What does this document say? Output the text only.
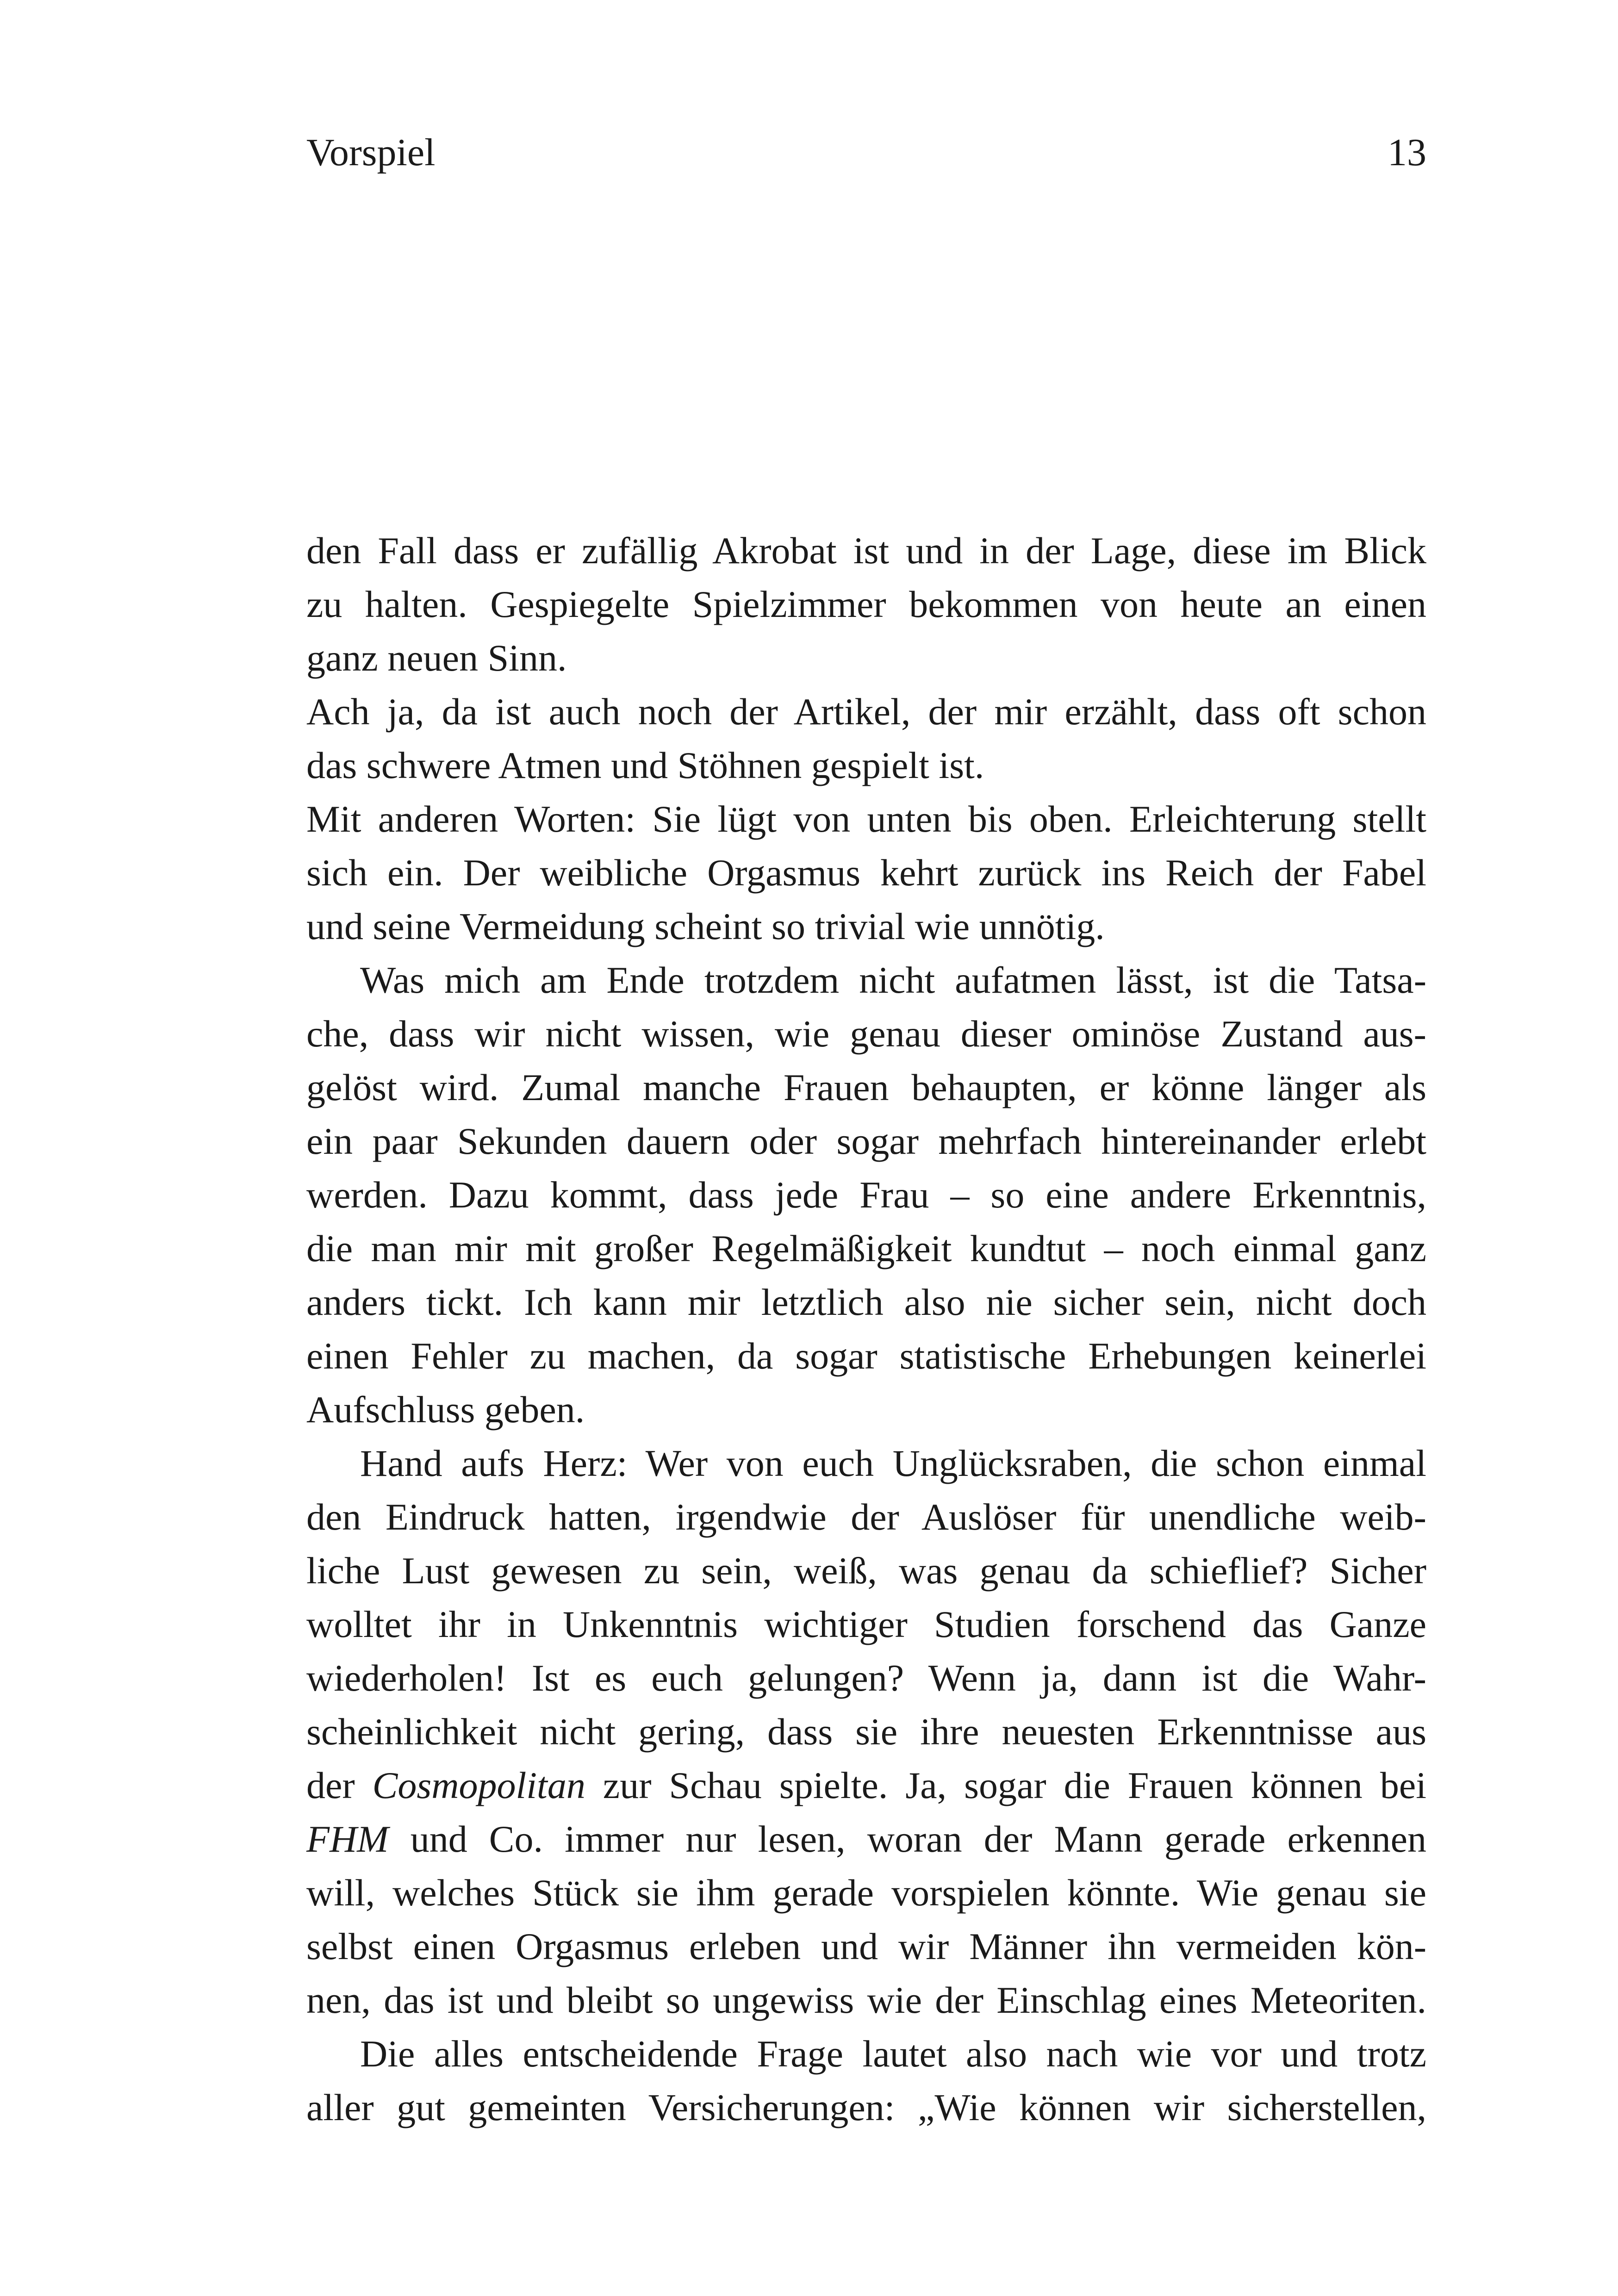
Vorspiel	13
den Fall dass er zufällig Akrobat ist und in der Lage, diese im Blick
zu halten. Gespiegelte Spielzimmer bekommen von heute an einen
ganz neuen Sinn.
Ach ja, da ist auch noch der Artikel, der mir erzählt, dass oft schon
das schwere Atmen und Stöhnen gespielt ist.
Mit anderen Worten: Sie lügt von unten bis oben. Erleichterung stellt
sich ein. Der weibliche Orgasmus kehrt zurück ins Reich der Fabel
und seine Vermeidung scheint so trivial wie unnötig.
Was mich am Ende trotzdem nicht aufatmen lässt, ist die Tatsa-
che, dass wir nicht wissen, wie genau dieser ominöse Zustand aus-
gelöst wird. Zumal manche Frauen behaupten, er könne länger als
ein paar Sekunden dauern oder sogar mehrfach hintereinander erlebt
werden. Dazu kommt, dass jede Frau – so eine andere Erkenntnis,
die man mir mit großer Regelmäßigkeit kundtut – noch einmal ganz
anders tickt. Ich kann mir letztlich also nie sicher sein, nicht doch
einen Fehler zu machen, da sogar statistische Erhebungen keinerlei
Aufschluss geben.
Hand aufs Herz: Wer von euch Unglücksraben, die schon einmal
den Eindruck hatten, irgendwie der Auslöser für unendliche weib-
liche Lust gewesen zu sein, weiß, was genau da schieflief? Sicher
wolltet ihr in Unkenntnis wichtiger Studien forschend das Ganze
wiederholen! Ist es euch gelungen? Wenn ja, dann ist die Wahr-
scheinlichkeit nicht gering, dass sie ihre neuesten Erkenntnisse aus
der Cosmopolitan zur Schau spielte. Ja, sogar die Frauen können bei
FHM und Co. immer nur lesen, woran der Mann gerade erkennen
will, welches Stück sie ihm gerade vorspielen könnte. Wie genau sie
selbst einen Orgasmus erleben und wir Männer ihn vermeiden kön-
nen, das ist und bleibt so ungewiss wie der Einschlag eines Meteoriten.
Die alles entscheidende Frage lautet also nach wie vor und trotz
aller gut gemeinten Versicherungen: „Wie können wir sicherstellen,
